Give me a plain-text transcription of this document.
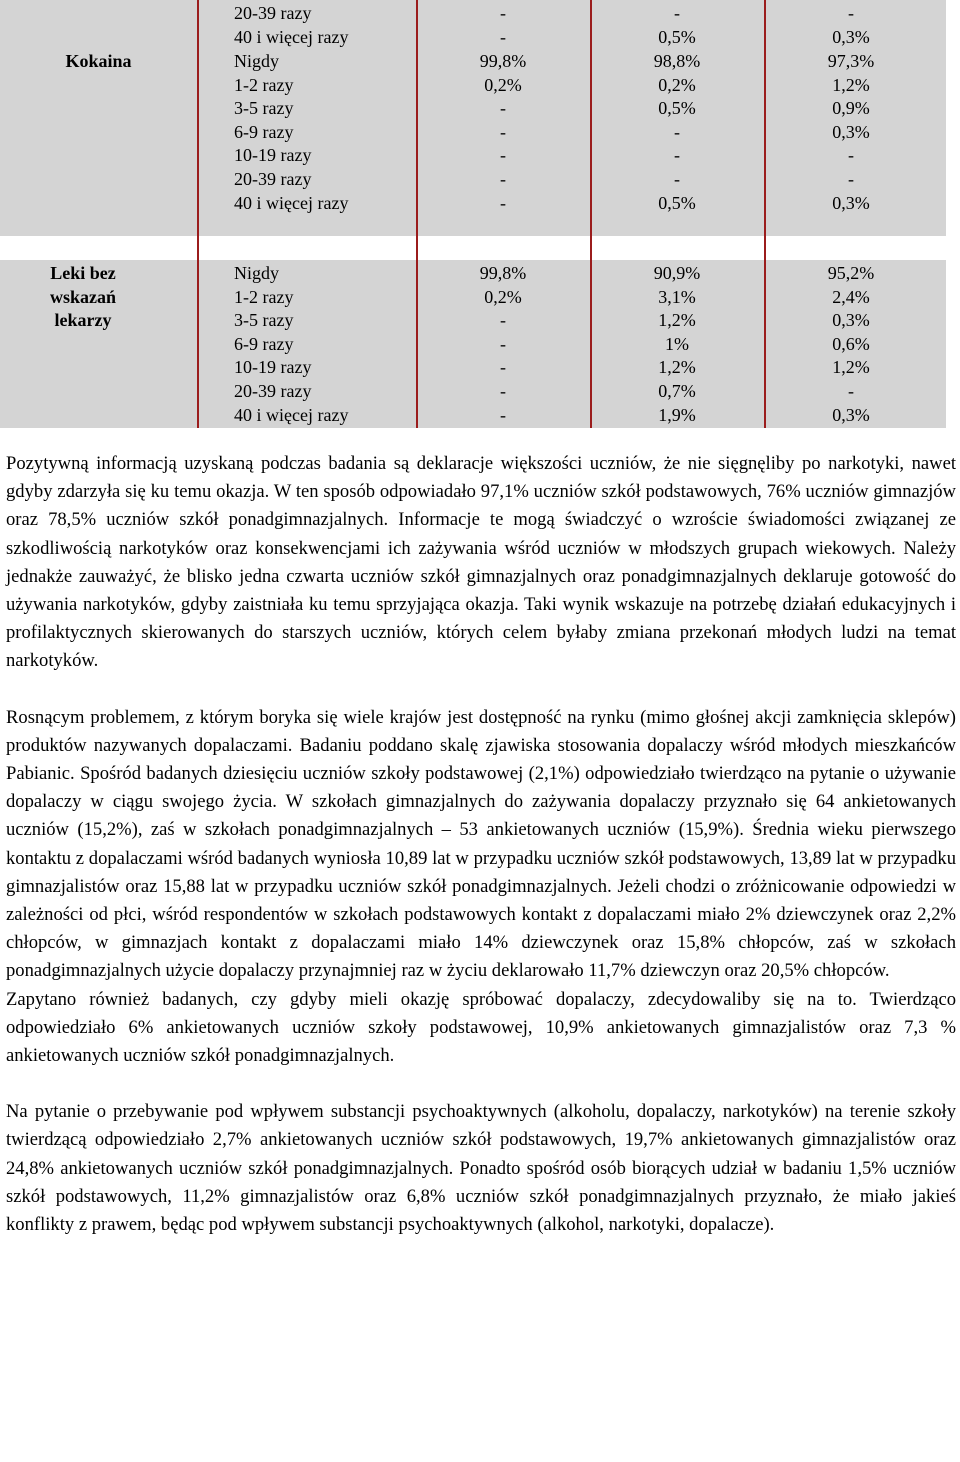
20-39 razy
40 i więcej razy
-
-
-
0,5%
-
0,3%
Kokaina	Nigdy
1-2 razy
3-5 razy
6-9 razy
10-19 razy
20-39 razy
40 i więcej razy
99,8%
0,2%
-
-
-
-
-
98,8%
0,2%
0,5%
-
-
-
0,5%
97,3%
1,2%
0,9%
0,3%
-
-
0,3%
Leki bez
wskazań
lekarzy
Nigdy
1-2 razy
3-5 razy
6-9 razy
10-19 razy
20-39 razy
40 i więcej razy
99,8%
0,2%
-
-
-
-
-
90,9%
3,1%
1,2%
1%
1,2%
0,7%
1,9%
95,2%
2,4%
0,3%
0,6%
1,2%
-
0,3%

Pozytywną informacją uzyskaną podczas badania są deklaracje większości uczniów, że nie sięgnęliby po narkotyki, nawet gdyby zdarzyła się ku temu okazja. W ten sposób odpowiadało 97,1% uczniów szkół podstawowych, 76% uczniów gimnazjów oraz 78,5% uczniów szkół ponadgimnazjalnych. Informacje te mogą świadczyć o wzroście świadomości związanej ze szkodliwością narkotyków oraz konsekwencjami ich zażywania wśród uczniów w młodszych grupach wiekowych. Należy jednakże zauważyć, że blisko jedna czwarta uczniów szkół gimnazjalnych oraz ponadgimnazjalnych deklaruje gotowość do używania narkotyków, gdyby zaistniała ku temu sprzyjająca okazja. Taki wynik wskazuje na potrzebę działań edukacyjnych i profilaktycznych skierowanych do starszych uczniów, których celem byłaby zmiana przekonań młodych ludzi na temat narkotyków.

Rosnącym problemem, z którym boryka się wiele krajów jest dostępność na rynku (mimo głośnej akcji zamknięcia sklepów) produktów nazywanych dopalaczami. Badaniu poddano skalę zjawiska stosowania dopalaczy wśród młodych mieszkańców Pabianic. Spośród badanych dziesięciu uczniów szkoły podstawowej (2,1%) odpowiedziało twierdząco na pytanie o używanie dopalaczy w ciągu swojego życia. W szkołach gimnazjalnych do zażywania dopalaczy przyznało się 64 ankietowanych uczniów (15,2%), zaś w szkołach ponadgimnazjalnych – 53 ankietowanych uczniów (15,9%). Średnia wieku pierwszego kontaktu z dopalaczami wśród badanych wyniosła 10,89 lat w przypadku uczniów szkół podstawowych, 13,89 lat w przypadku gimnazjalistów oraz 15,88 lat w przypadku uczniów szkół ponadgimnazjalnych. Jeżeli chodzi o zróżnicowanie odpowiedzi w zależności od płci, wśród respondentów w szkołach podstawowych kontakt z dopalaczami miało 2% dziewczynek oraz 2,2% chłopców, w gimnazjach kontakt z dopalaczami miało 14% dziewczynek oraz 15,8% chłopców, zaś w szkołach ponadgimnazjalnych użycie dopalaczy przynajmniej raz w życiu deklarowało 11,7% dziewczyn oraz 20,5% chłopców.

Zapytano również badanych, czy gdyby mieli okazję spróbować dopalaczy, zdecydowaliby się na to. Twierdząco odpowiedziało 6% ankietowanych uczniów szkoły podstawowej, 10,9% ankietowanych gimnazjalistów oraz 7,3 % ankietowanych uczniów szkół ponadgimnazjalnych.

Na pytanie o przebywanie pod wpływem substancji psychoaktywnych (alkoholu, dopalaczy, narkotyków) na terenie szkoły twierdzącą odpowiedziało 2,7% ankietowanych uczniów szkół podstawowych, 19,7% ankietowanych gimnazjalistów oraz 24,8% ankietowanych uczniów szkół ponadgimnazjalnych. Ponadto spośród osób biorących udział w badaniu 1,5% uczniów szkół podstawowych, 11,2% gimnazjalistów oraz 6,8% uczniów szkół ponadgimnazjalnych przyznało, że miało jakieś konflikty z prawem, będąc pod wpływem substancji psychoaktywnych (alkohol, narkotyki, dopalacze).
